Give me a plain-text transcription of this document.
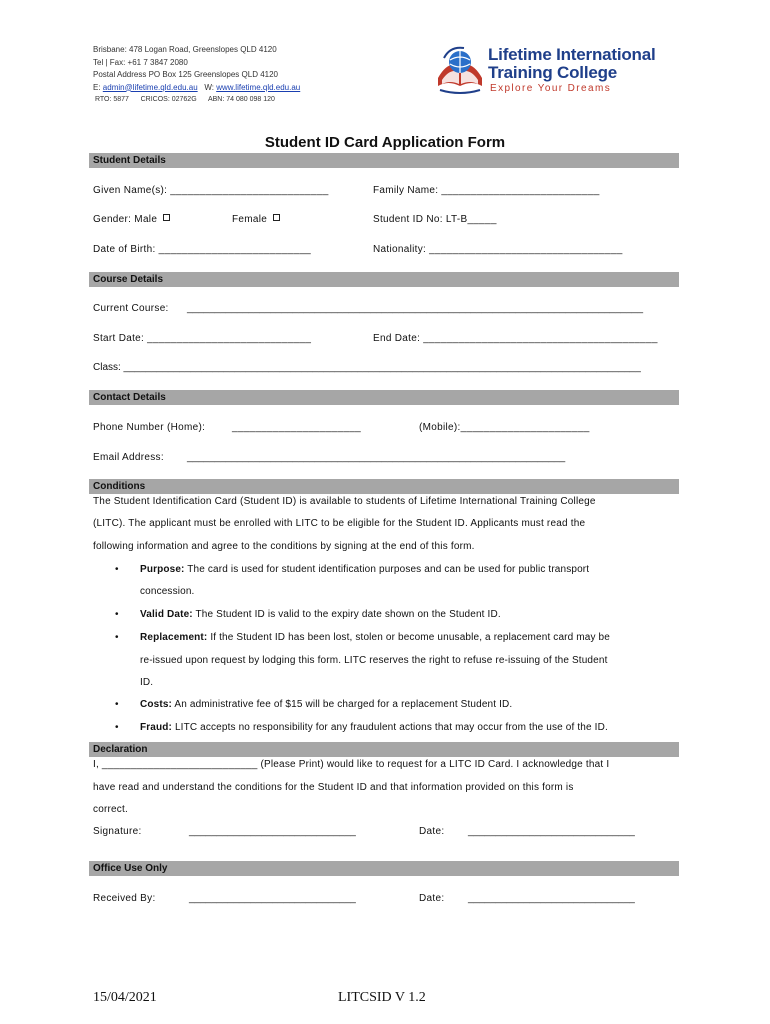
Brisbane: 478 Logan Road, Greenslopes QLD 4120
Tel | Fax: +61 7 3847 2080
Postal Address PO Box 125 Greenslopes QLD 4120
E: admin@lifetime.qld.edu.au W: www.lifetime.qld.edu.au
RTO: 5877 CRICOS: 02762G ABN: 74 080 098 120
Lifetime International
Training College
Explore Your Dreams
Student ID Card Application Form
Student Details
Given Name(s): ___________________________	Family Name: ___________________________
Gender: Male	Female	Student ID No: LT-B_____
Date of Birth: __________________________	Nationality: _________________________________
Course Details
Current Course: __________________________________________________________________________________
Start Date: ____________________________	End Date: ________________________________________
Class: _____________________________________________________________________________________________
Contact Details
Phone Number (Home):	______________________	(Mobile):______________________
Email Address: ____________________________________________________________________
Conditions
The Student Identification Card (Student ID) is available to students of Lifetime International Training College
(LITC). The applicant must be enrolled with LITC to be eligible for the Student ID. Applicants must read the
following information and agree to the conditions by signing at the end of this form.
• Purpose: The card is used for student identification purposes and can be used for public transport
concession.
• Valid Date: The Student ID is valid to the expiry date shown on the Student ID.
• Replacement: If the Student ID has been lost, stolen or become unusable, a replacement card may be
re-issued upon request by lodging this form. LITC reserves the right to refuse re-issuing of the Student
ID.
• Costs: An administrative fee of $15 will be charged for a replacement Student ID.
• Fraud: LITC accepts no responsibility for any fraudulent actions that may occur from the use of the ID.
Declaration
I, ___________________________ (Please Print) would like to request for a LITC ID Card. I acknowledge that I
have read and understand the conditions for the Student ID and that information provided on this form is
correct.
Signature:	______________________________	Date: ______________________________
Office Use Only
Received By:	______________________________	Date: ______________________________
15/04/2021	LITCSID V 1.2
